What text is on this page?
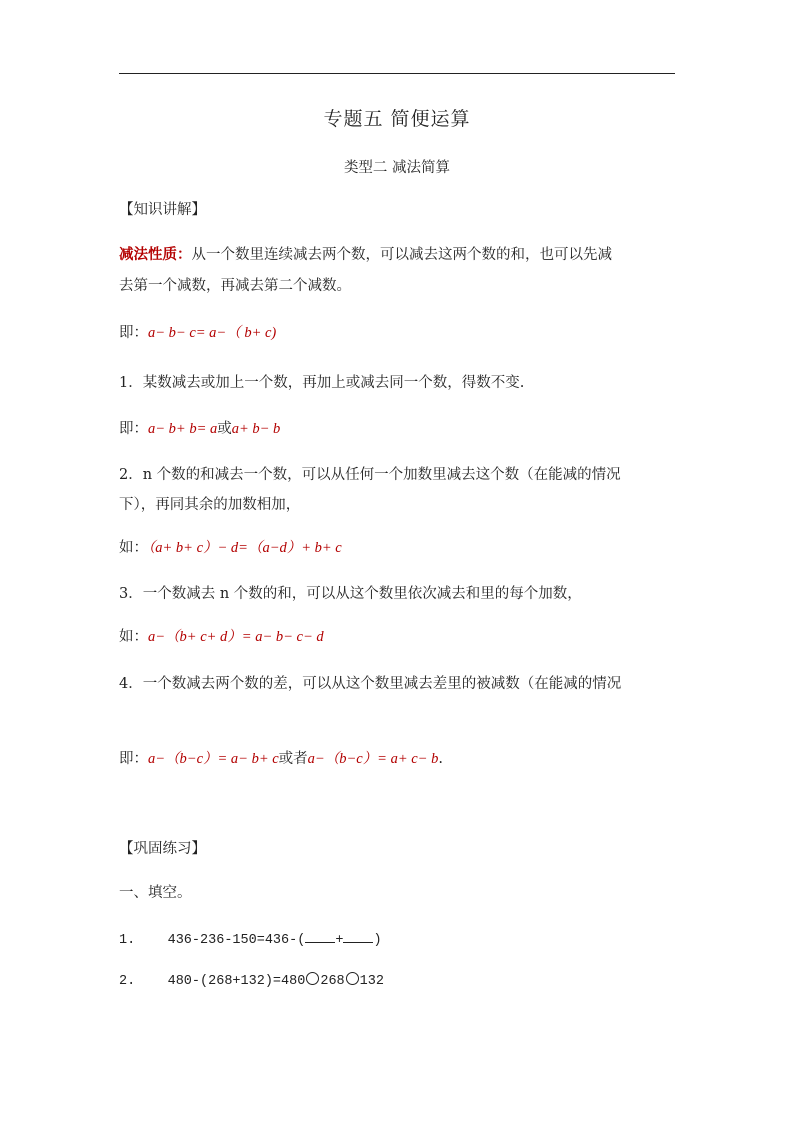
专题五 简便运算
类型二 减法简算
【知识讲解】
减法性质：从一个数里连续减去两个数，可以减去这两个数的和，也可以先减
去第一个减数，再减去第二个减数。
即：a− b− c= a−（ b+ c)
1．某数减去或加上一个数，再加上或减去同一个数，得数不变.
即：a− b+ b= a或a+ b− b
2．n 个数的和减去一个数，可以从任何一个加数里减去这个数（在能减的情况
下），再同其余的加数相加，
如：（a+ b+ c）− d=（a−d）+ b+ c
3．一个数减去 n 个数的和，可以从这个数里依次减去和里的每个加数，
如：a−（b+ c+ d）= a− b− c− d
4．一个数减去两个数的差，可以从这个数里减去差里的被减数（在能减的情况
即：a−（b−c）= a− b+ c或者a−（b−c）= a+ c− b.
【巩固练习】
一、填空。
1. 436-236-150=436-( + )
2. 480-(268+132)=480 268 132
